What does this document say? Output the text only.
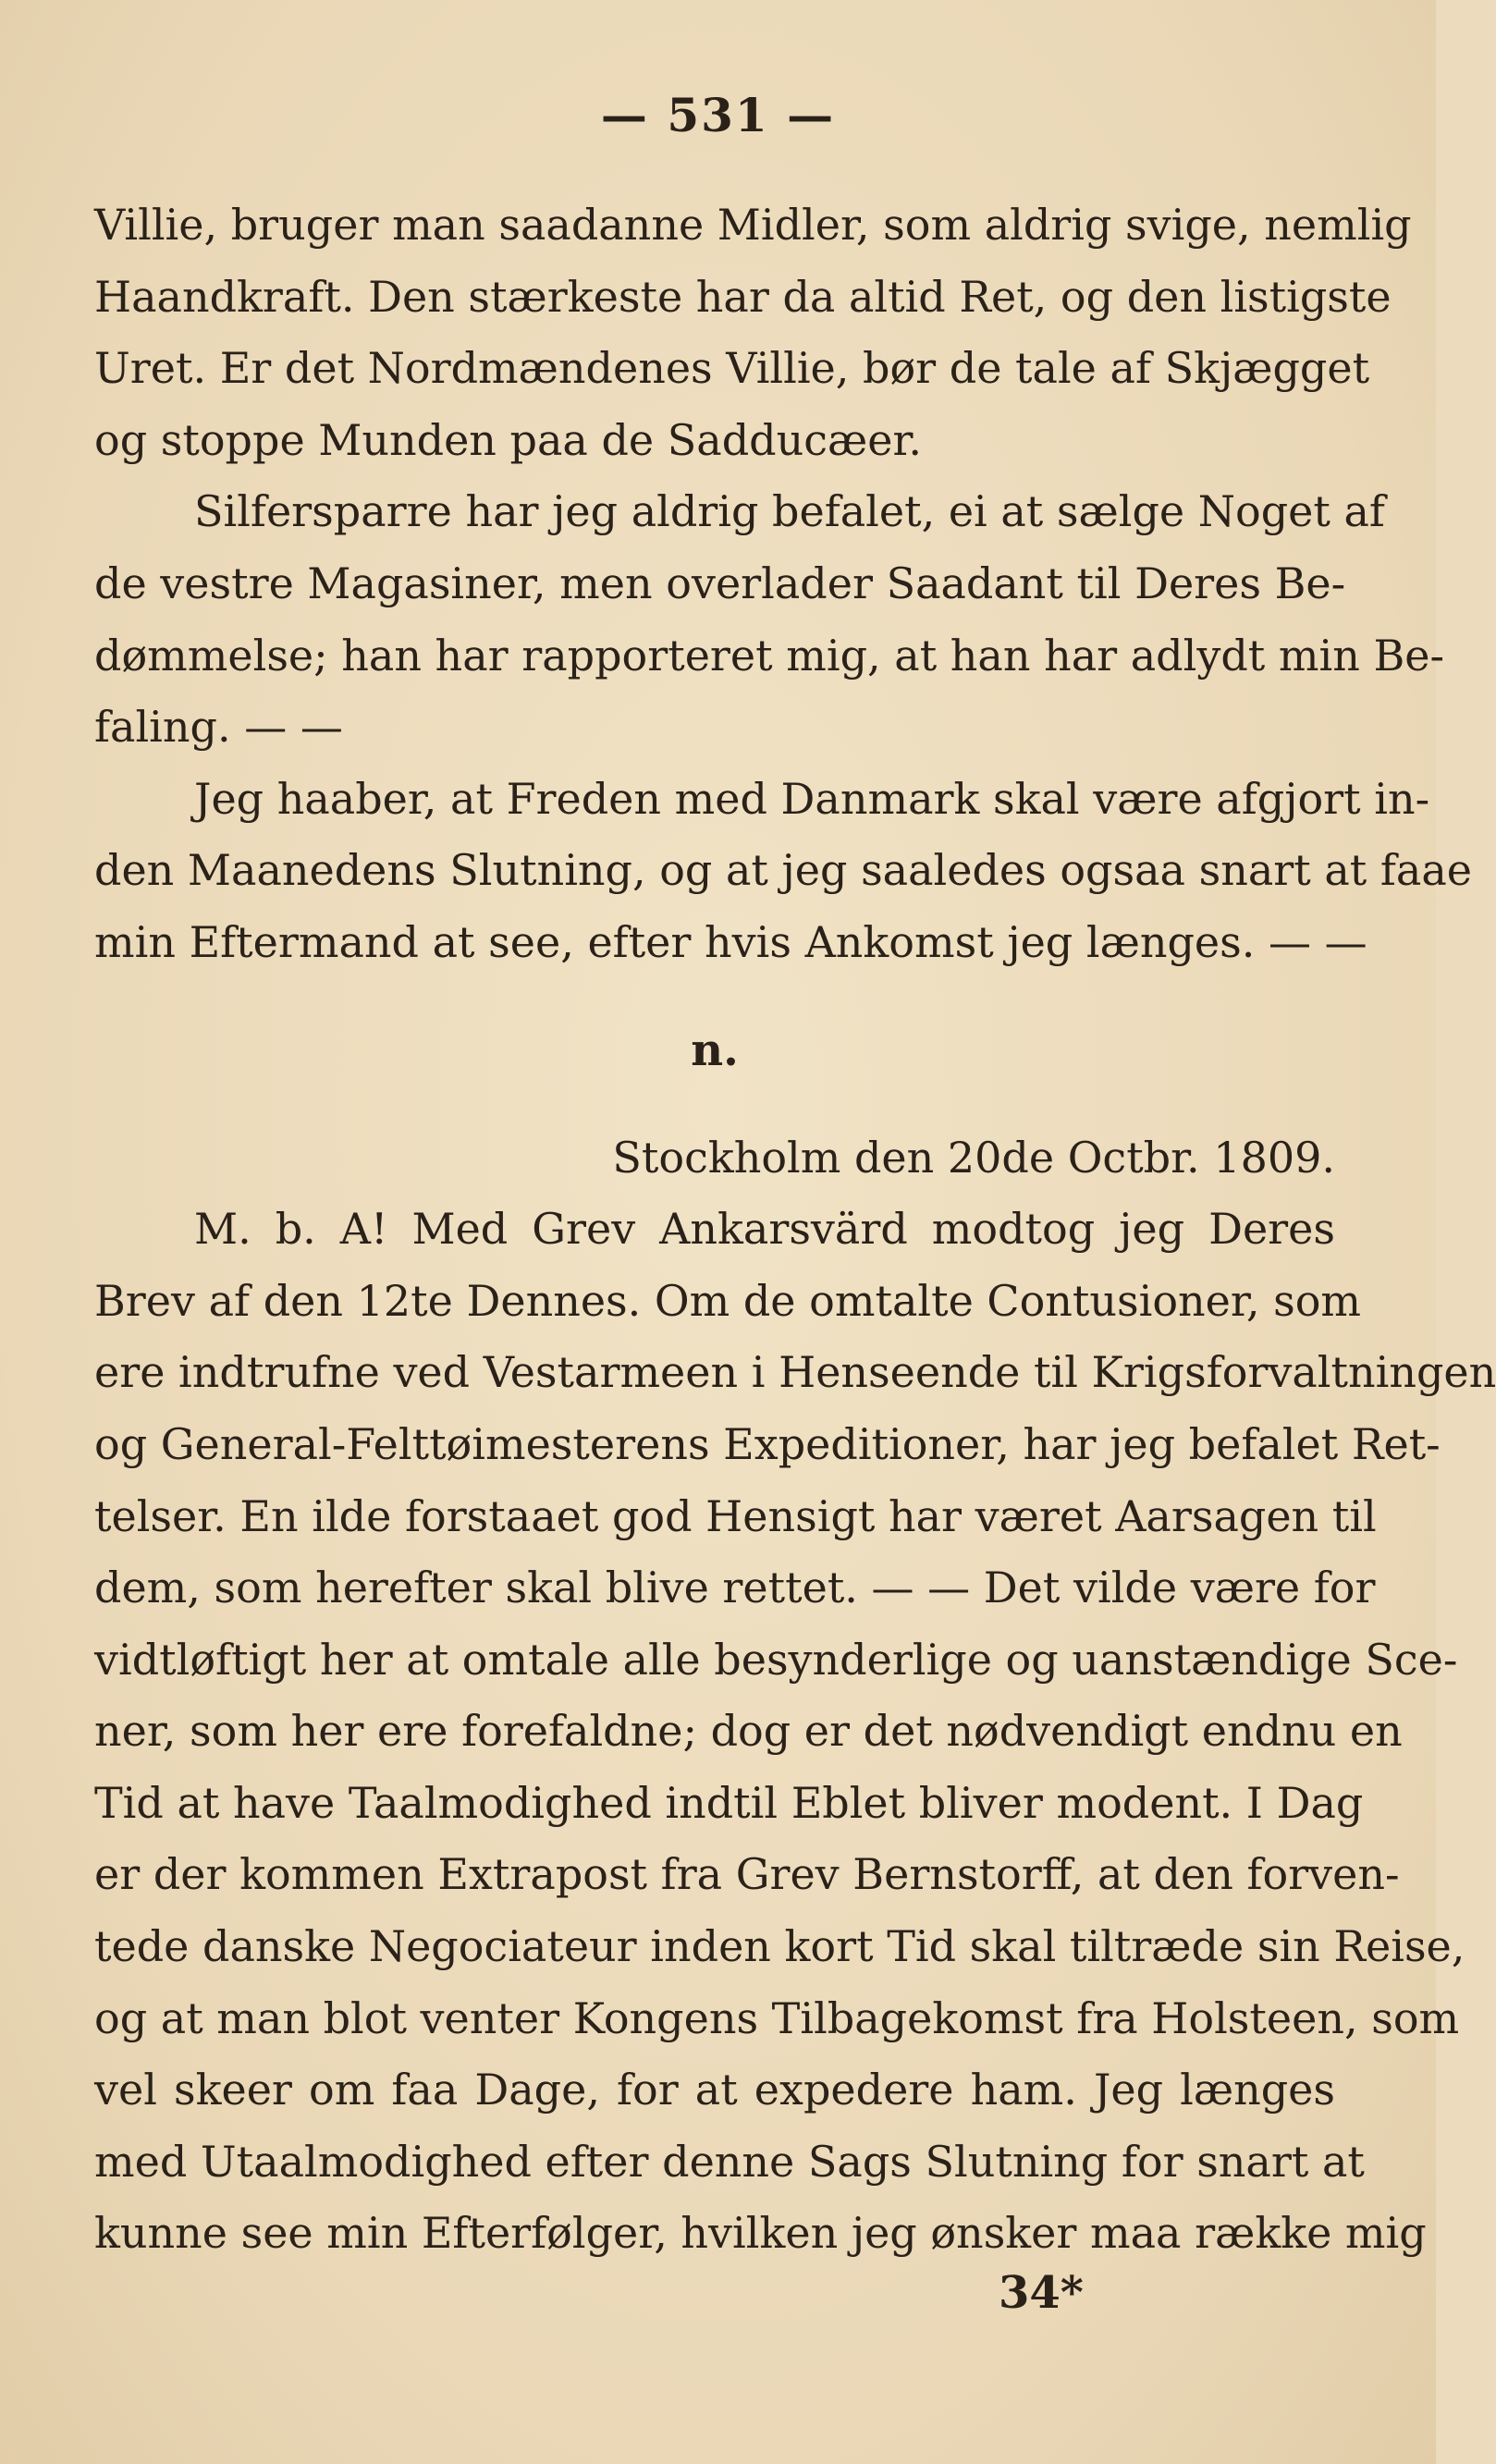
— 531 —
Villie, bruger man saadanne Midler, som aldrig svige, nemlig
Haandkraft. Den stærkeste har da altid Ret, og den listigste
Uret. Er det Nordmændenes Villie, bør de tale af Skjægget
og stoppe Munden paa de Sadducæer.
Silfersparre har jeg aldrig befalet, ei at sælge Noget af
de vestre Magasiner, men overlader Saadant til Deres Be-
dømmelse; han har rapporteret mig, at han har adlydt min Be-
faling. — —
Jeg haaber, at Freden med Danmark skal være afgjort in-
den Maanedens Slutning, og at jeg saaledes ogsaa snart at faae
min Eftermand at see, efter hvis Ankomst jeg længes. — —
n.
Stockholm den 20de Octbr. 1809.
M. b. A! Med Grev Ankarsvärd modtog jeg Deres
Brev af den 12te Dennes. Om de omtalte Contusioner, som
ere indtrufne ved Vestarmeen i Henseende til Krigsforvaltningen
og General-Felttøimesterens Expeditioner, har jeg befalet Ret-
telser. En ilde forstaaet god Hensigt har været Aarsagen til
dem, som herefter skal blive rettet. — — Det vilde være for
vidtløftigt her at omtale alle besynderlige og uanstændige Sce-
ner, som her ere forefaldne; dog er det nødvendigt endnu en
Tid at have Taalmodighed indtil Eblet bliver modent. I Dag
er der kommen Extrapost fra Grev Bernstorff, at den forven-
tede danske Negociateur inden kort Tid skal tiltræde sin Reise,
og at man blot venter Kongens Tilbagekomst fra Holsteen, som
vel skeer om faa Dage, for at expedere ham. Jeg længes
med Utaalmodighed efter denne Sags Slutning for snart at
kunne see min Efterfølger, hvilken jeg ønsker maa række mig
34*
